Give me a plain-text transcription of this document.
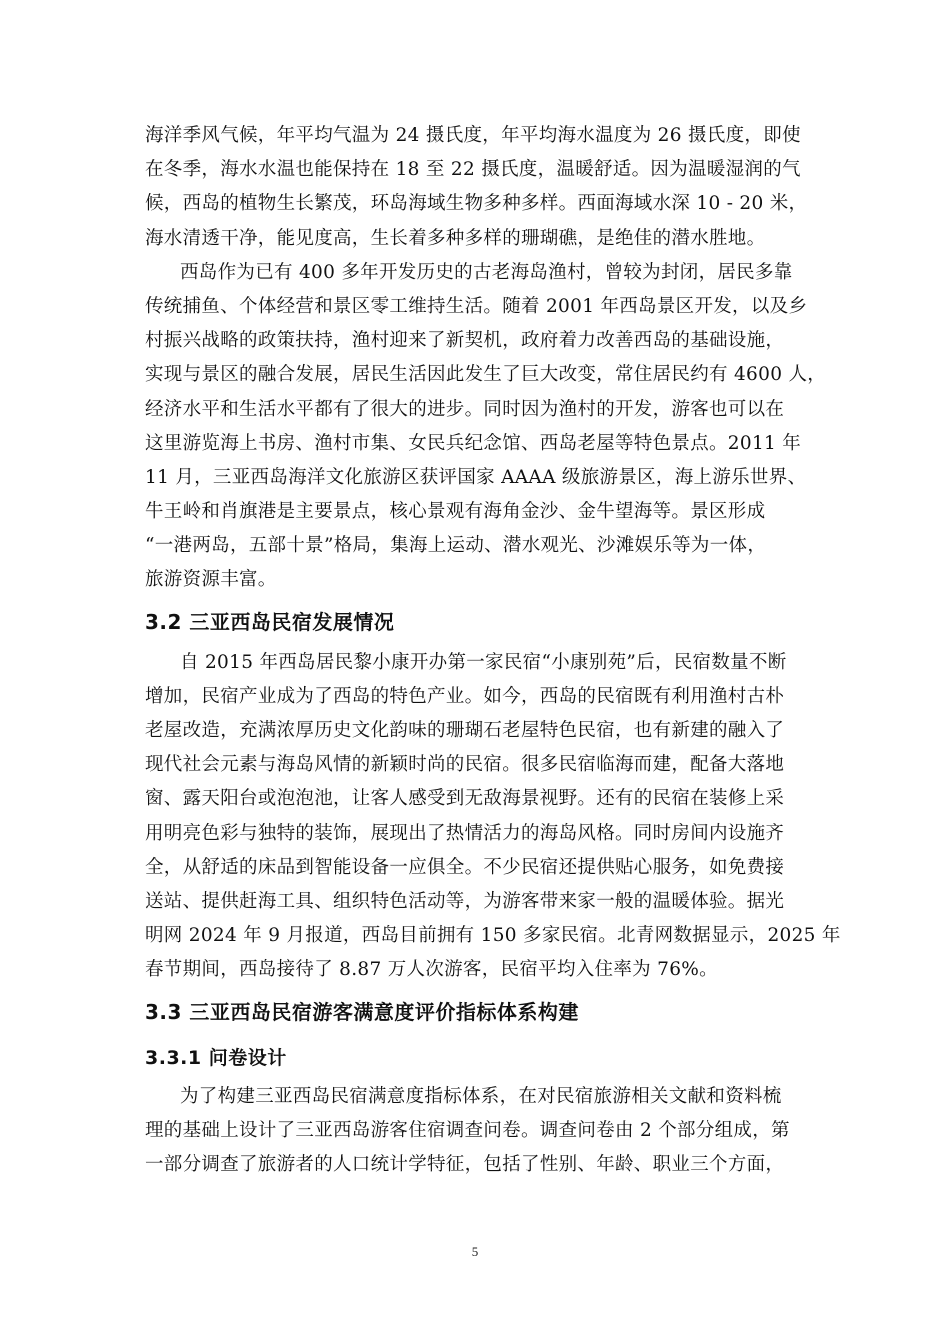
海洋季风气候，年平均气温为 24 摄氏度，年平均海水温度为 26 摄氏度，即使
在冬季，海水水温也能保持在 18 至 22 摄氏度，温暖舒适。因为温暖湿润的气
候，西岛的植物生长繁茂，环岛海域生物多种多样。西面海域水深 10 - 20 米，
海水清透干净，能见度高，生长着多种多样的珊瑚礁，是绝佳的潜水胜地。
西岛作为已有 400 多年开发历史的古老海岛渔村，曾较为封闭，居民多靠
传统捕鱼、个体经营和景区零工维持生活。随着 2001 年西岛景区开发，以及乡
村振兴战略的政策扶持，渔村迎来了新契机，政府着力改善西岛的基础设施，
实现与景区的融合发展，居民生活因此发生了巨大改变，常住居民约有 4600 人，
经济水平和生活水平都有了很大的进步。同时因为渔村的开发，游客也可以在
这里游览海上书房、渔村市集、女民兵纪念馆、西岛老屋等特色景点。2011 年
11 月，三亚西岛海洋文化旅游区获评国家 AAAA 级旅游景区，海上游乐世界、
牛王岭和肖旗港是主要景点，核心景观有海角金沙、金牛望海等。景区形成
“一港两岛，五部十景”格局，集海上运动、潜水观光、沙滩娱乐等为一体，
旅游资源丰富。
3.2 三亚西岛民宿发展情况
自 2015 年西岛居民黎小康开办第一家民宿“小康别苑”后，民宿数量不断
增加，民宿产业成为了西岛的特色产业。如今，西岛的民宿既有利用渔村古朴
老屋改造，充满浓厚历史文化韵味的珊瑚石老屋特色民宿，也有新建的融入了
现代社会元素与海岛风情的新颖时尚的民宿。很多民宿临海而建，配备大落地
窗、露天阳台或泡泡池，让客人感受到无敌海景视野。还有的民宿在装修上采
用明亮色彩与独特的装饰，展现出了热情活力的海岛风格。同时房间内设施齐
全，从舒适的床品到智能设备一应俱全。不少民宿还提供贴心服务，如免费接
送站、提供赶海工具、组织特色活动等，为游客带来家一般的温暖体验。据光
明网 2024 年 9 月报道，西岛目前拥有 150 多家民宿。北青网数据显示，2025 年
春节期间，西岛接待了 8.87 万人次游客，民宿平均入住率为 76%。
3.3 三亚西岛民宿游客满意度评价指标体系构建
3.3.1 问卷设计
为了构建三亚西岛民宿满意度指标体系，在对民宿旅游相关文献和资料梳
理的基础上设计了三亚西岛游客住宿调查问卷。调查问卷由 2 个部分组成，第
一部分调查了旅游者的人口统计学特征，包括了性别、年龄、职业三个方面，
5
